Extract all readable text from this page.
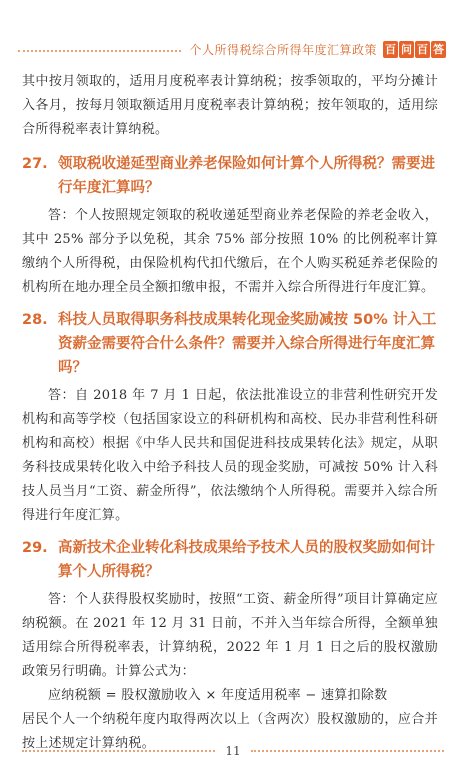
个人所得税综合所得年度汇算政策 百 问 百 答

其中按月领取的，适用月度税率表计算纳税；按季领取的，平均分摊计入各月，按每月领取额适用月度税率表计算纳税；按年领取的，适用综合所得税率表计算纳税。

27. 领取税收递延型商业养老保险如何计算个人所得税？需要进行年度汇算吗？

答：个人按照规定领取的税收递延型商业养老保险的养老金收入，其中 25% 部分予以免税，其余 75% 部分按照 10% 的比例税率计算缴纳个人所得税，由保险机构代扣代缴后，在个人购买税延养老保险的机构所在地办理全员全额扣缴申报，不需并入综合所得进行年度汇算。

28. 科技人员取得职务科技成果转化现金奖励减按 50% 计入工资薪金需要符合什么条件？需要并入综合所得进行年度汇算吗？

答：自 2018 年 7 月 1 日起，依法批准设立的非营利性研究开发机构和高等学校（包括国家设立的科研机构和高校、民办非营利性科研机构和高校）根据《中华人民共和国促进科技成果转化法》规定，从职务科技成果转化收入中给予科技人员的现金奖励，可减按 50% 计入科技人员当月“工资、薪金所得”，依法缴纳个人所得税。需要并入综合所得进行年度汇算。

29. 高新技术企业转化科技成果给予技术人员的股权奖励如何计算个人所得税？

答：个人获得股权奖励时，按照“工资、薪金所得”项目计算确定应纳税额。在 2021 年 12 月 31 日前，不并入当年综合所得，全额单独适用综合所得税率表，计算纳税，2022 年 1 月 1 日之后的股权激励政策另行明确。计算公式为：

应纳税额 = 股权激励收入 × 年度适用税率 − 速算扣除数

居民个人一个纳税年度内取得两次以上（含两次）股权激励的，应合并按上述规定计算纳税。	11
